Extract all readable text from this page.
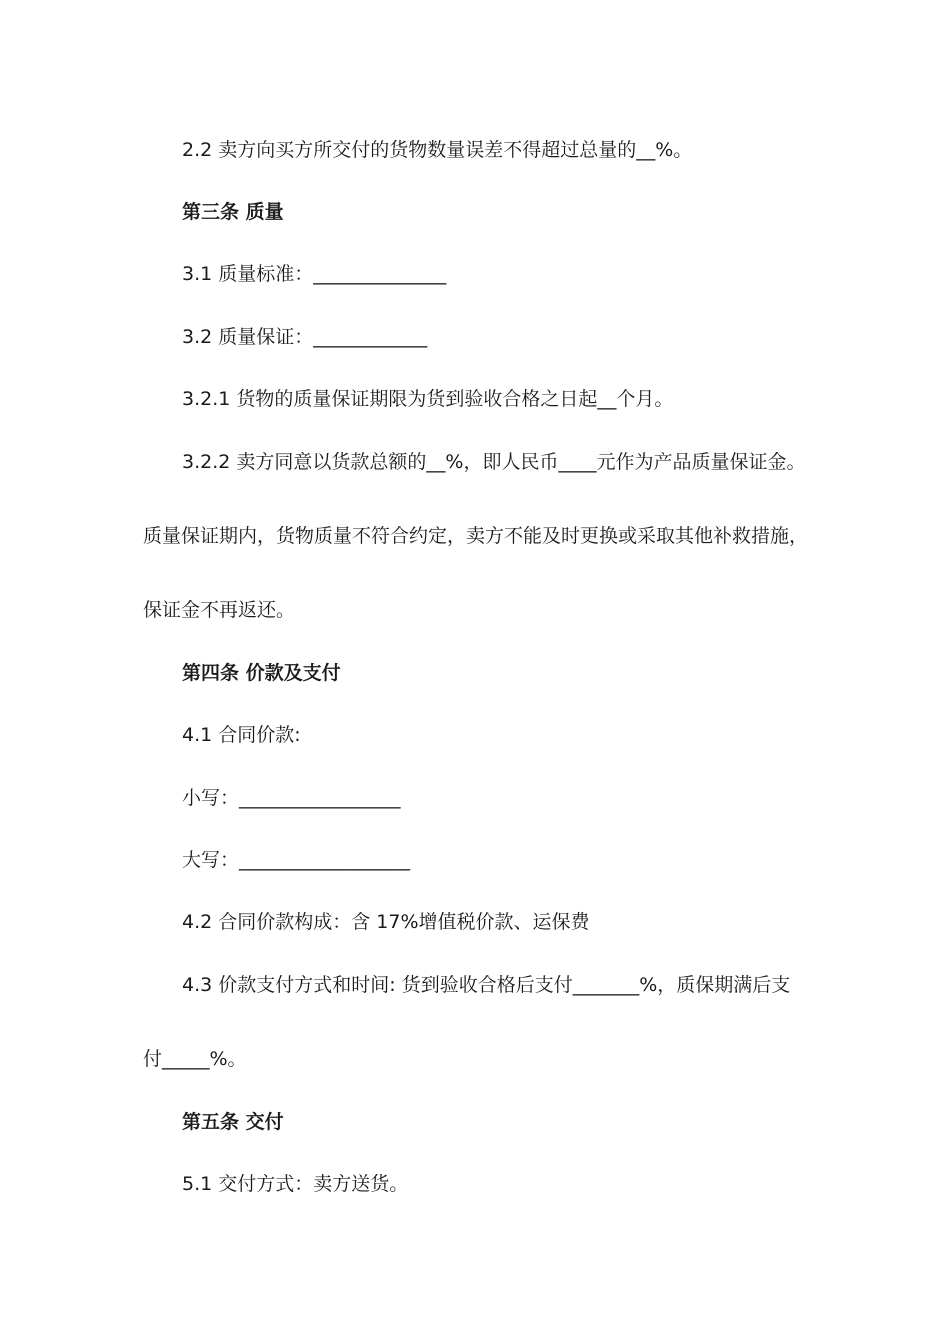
2.2 卖方向买方所交付的货物数量误差不得超过总量的__%。
第三条 质量
3.1 质量标准：______________
3.2 质量保证：____________
3.2.1 货物的质量保证期限为货到验收合格之日起__个月。
3.2.2 卖方同意以货款总额的__%，即人民币____元作为产品质量保证金。
质量保证期内，货物质量不符合约定，卖方不能及时更换或采取其他补救措施，
保证金不再返还。
第四条 价款及支付
4.1 合同价款:
小写：_________________
大写：__________________
4.2 合同价款构成：含 17%增值税价款、运保费
4.3 价款支付方式和时间: 货到验收合格后支付_______%，质保期满后支
付_____%。
第五条 交付
5.1 交付方式：卖方送货。
